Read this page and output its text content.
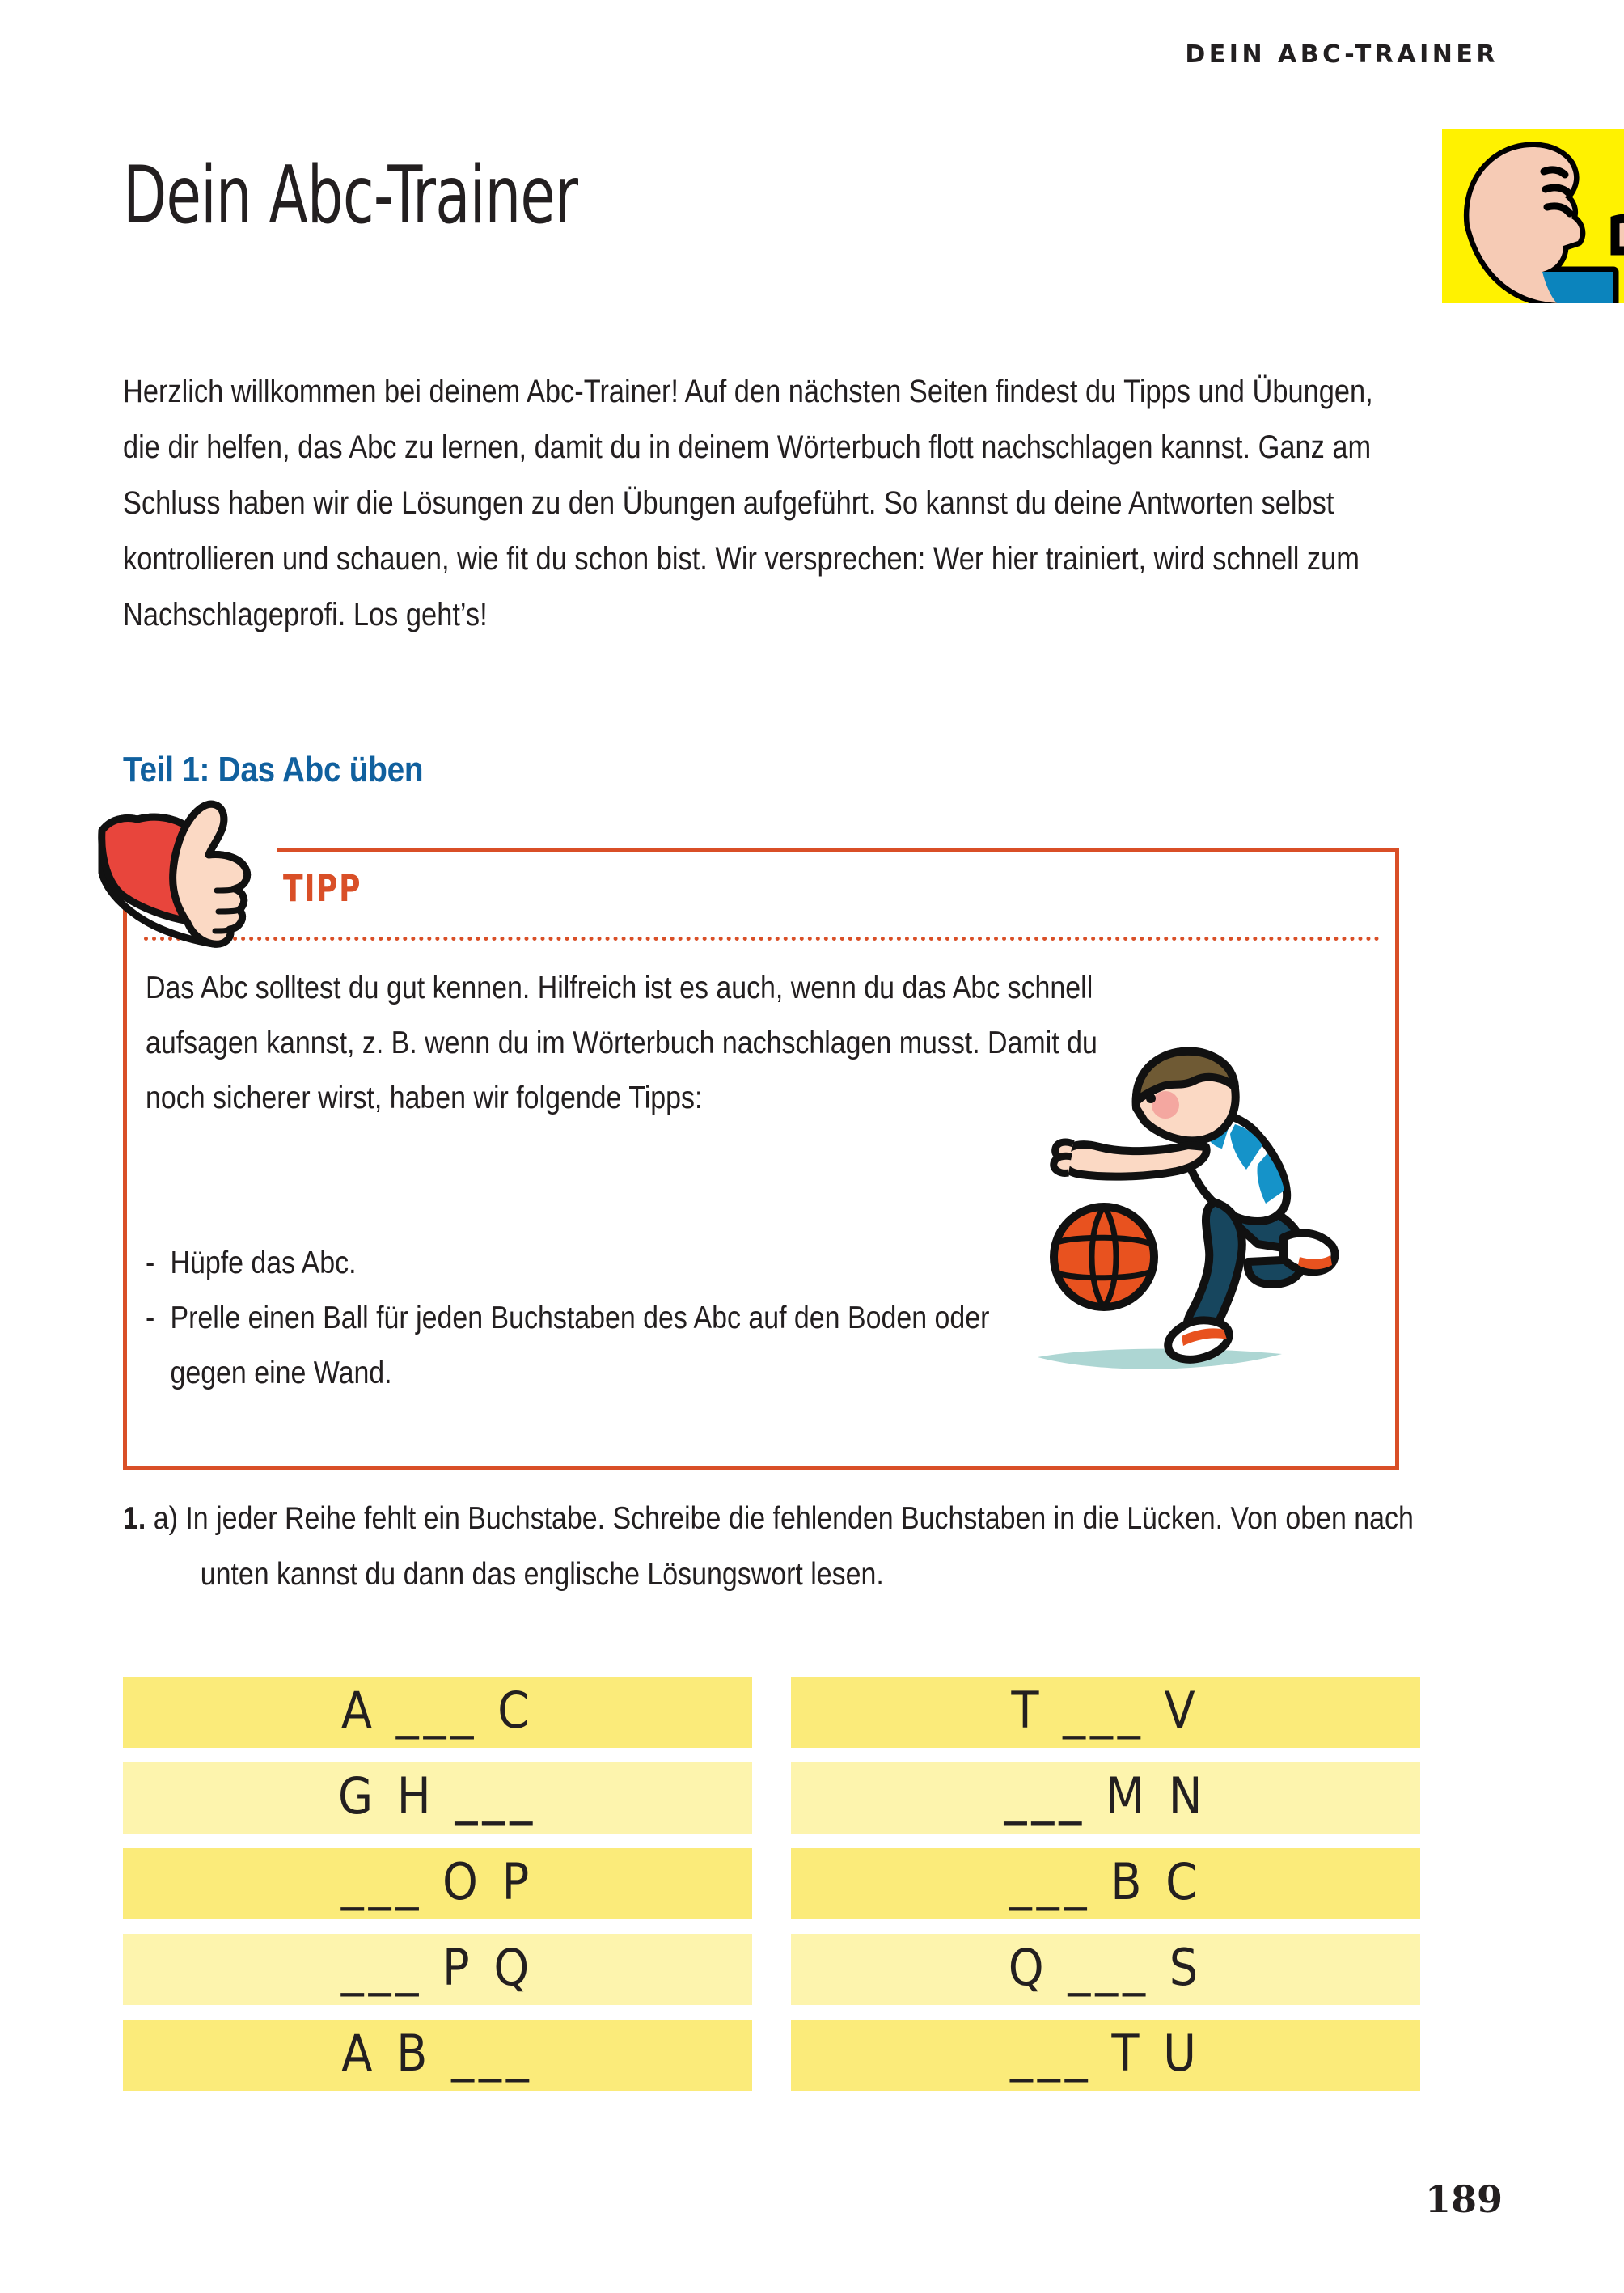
DEIN ABC-TRAINER
Dein Abc-Trainer

Herzlich willkommen bei deinem Abc-Trainer! Auf den nächsten Seiten findest du Tipps und Übungen, die dir helfen, das Abc zu lernen, damit du in deinem Wörterbuch flott nachschlagen kannst. Ganz am Schluss haben wir die Lösungen zu den Übungen aufgeführt. So kannst du deine Antworten selbst kontrollieren und schauen, wie fit du schon bist. Wir versprechen: Wer hier trainiert, wird schnell zum Nachschlageprofi. Los geht’s!

Teil 1: Das Abc üben
TIPP
Das Abc solltest du gut kennen. Hilfreich ist es auch, wenn du das Abc schnell aufsagen kannst, z. B. wenn du im Wörterbuch nachschlagen musst. Damit du noch sicherer wirst, haben wir folgende Tipps:
- Hüpfe das Abc.
- Prelle einen Ball für jeden Buchstaben des Abc auf den Boden oder gegen eine Wand.
1. a) In jeder Reihe fehlt ein Buchstabe. Schreibe die fehlenden Buchstaben in die Lücken. Von oben nach unten kannst du dann das englische Lösungswort lesen.
A ___ C	T ___ V
G H ___	___ M N
___ O P	___ B C
___ P Q	Q ___ S
A B ___	___ T U
189
